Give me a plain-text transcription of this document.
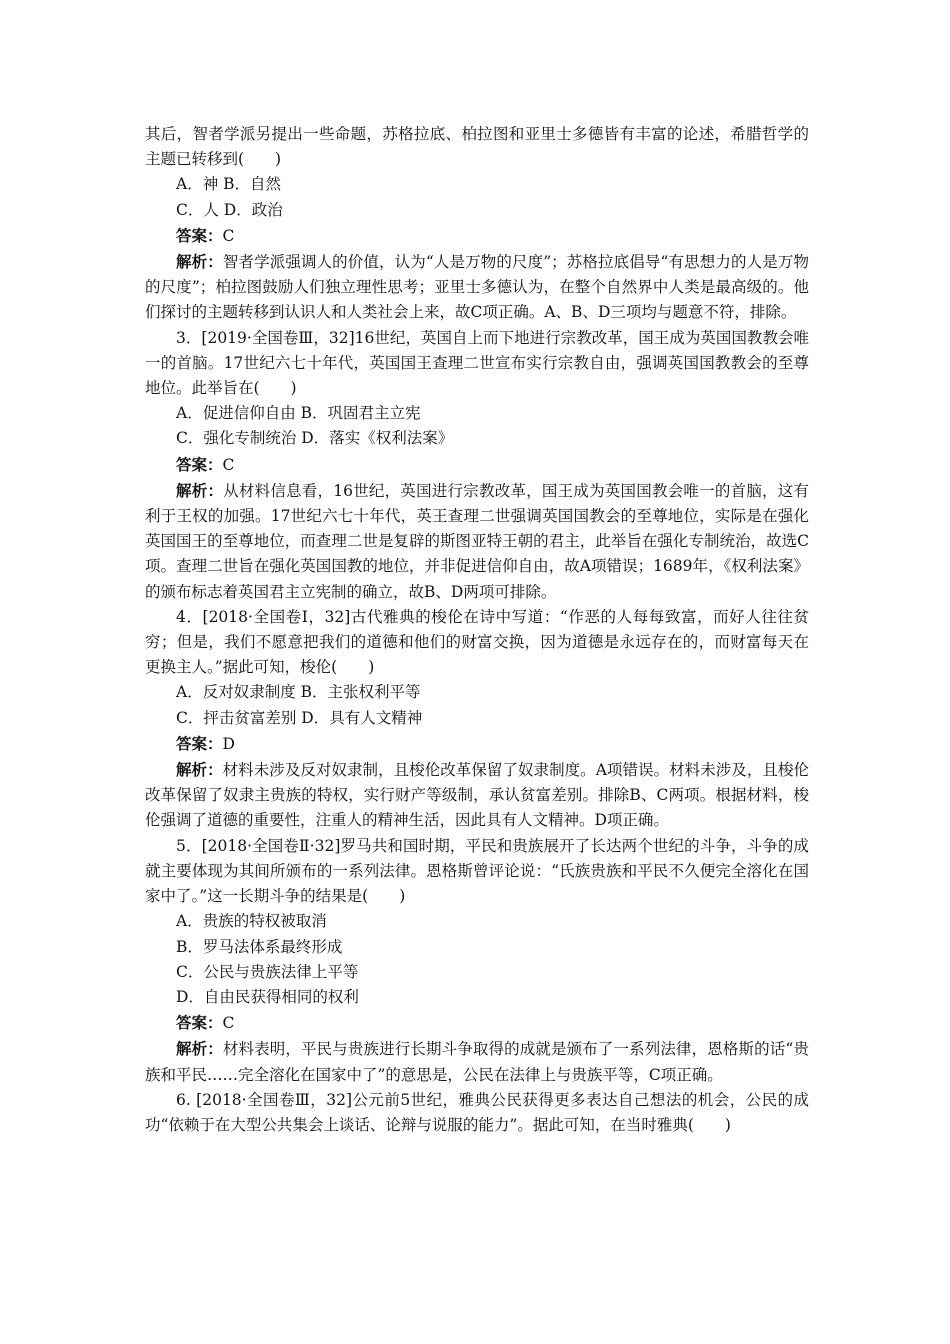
其后，智者学派另提出一些命题，苏格拉底、柏拉图和亚里士多德皆有丰富的论述，希腊哲学的主题已转移到(　　)

A．神 B．自然

C．人 D．政治

答案：C

解析：智者学派强调人的价值，认为“人是万物的尺度”；苏格拉底倡导“有思想力的人是万物的尺度”；柏拉图鼓励人们独立理性思考；亚里士多德认为，在整个自然界中人类是最高级的。他们探讨的主题转移到认识人和人类社会上来，故C项正确。A、B、D三项均与题意不符，排除。

3．[2019·全国卷Ⅲ，32]16世纪，英国自上而下地进行宗教改革，国王成为英国国教教会唯一的首脑。17世纪六七十年代，英国国王查理二世宣布实行宗教自由，强调英国国教教会的至尊地位。此举旨在(　　)

A．促进信仰自由 B．巩固君主立宪

C．强化专制统治 D．落实《权利法案》

答案：C

解析：从材料信息看，16世纪，英国进行宗教改革，国王成为英国国教会唯一的首脑，这有利于王权的加强。17世纪六七十年代，英王查理二世强调英国国教会的至尊地位，实际是在强化英国国王的至尊地位，而查理二世是复辟的斯图亚特王朝的君主，此举旨在强化专制统治，故选C项。查理二世旨在强化英国国教的地位，并非促进信仰自由，故A项错误；1689年，《权利法案》的颁布标志着英国君主立宪制的确立，故B、D两项可排除。

4．[2018·全国卷Ⅰ，32]古代雅典的梭伦在诗中写道：“作恶的人每每致富，而好人往往贫穷；但是，我们不愿意把我们的道德和他们的财富交换，因为道德是永远存在的，而财富每天在更换主人。”据此可知，梭伦(　　)

A．反对奴隶制度 B．主张权利平等

C．抨击贫富差别 D．具有人文精神

答案：D

解析：材料未涉及反对奴隶制，且梭伦改革保留了奴隶制度。A项错误。材料未涉及，且梭伦改革保留了奴隶主贵族的特权，实行财产等级制，承认贫富差别。排除B、C两项。根据材料，梭伦强调了道德的重要性，注重人的精神生活，因此具有人文精神。D项正确。

5．[2018·全国卷Ⅱ·32]罗马共和国时期，平民和贵族展开了长达两个世纪的斗争，斗争的成就主要体现为其间所颁布的一系列法律。恩格斯曾评论说：“氏族贵族和平民不久便完全溶化在国家中了。”这一长期斗争的结果是(　　)

A．贵族的特权被取消

B．罗马法体系最终形成

C．公民与贵族法律上平等

D．自由民获得相同的权利

答案：C

解析：材料表明，平民与贵族进行长期斗争取得的成就是颁布了一系列法律，恩格斯的话“贵族和平民……完全溶化在国家中了”的意思是，公民在法律上与贵族平等，C项正确。

6. [2018·全国卷Ⅲ，32]公元前5世纪，雅典公民获得更多表达自己想法的机会，公民的成功“依赖于在大型公共集会上谈话、论辩与说服的能力”。据此可知，在当时雅典(　　)
